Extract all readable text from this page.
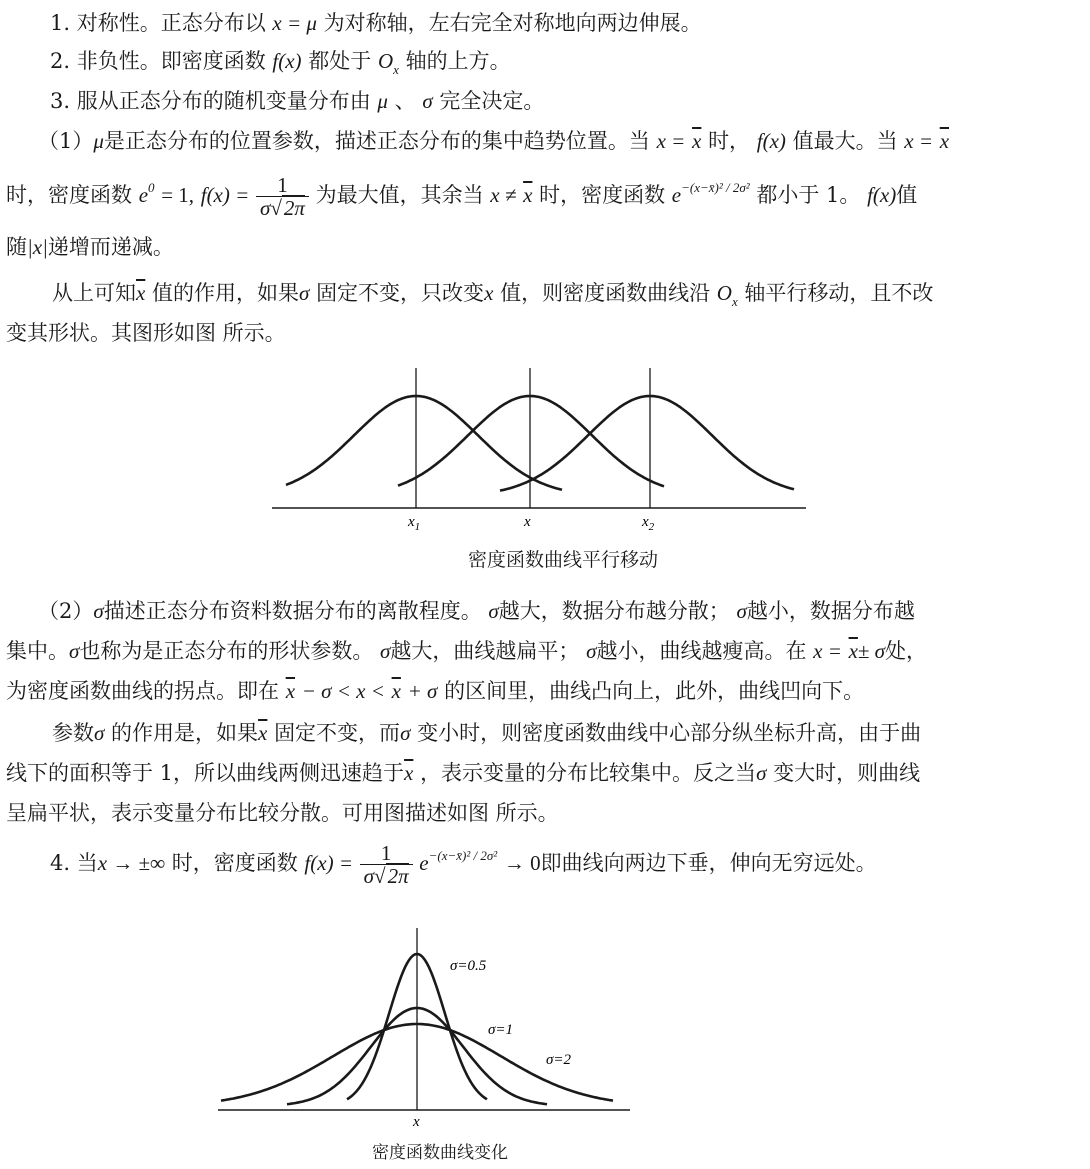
1. 对称性。正态分布以 x = μ 为对称轴，左右完全对称地向两边伸展。
2. 非负性。即密度函数 f(x) 都处于 $O_x$ 轴的上方。
3. 服从正态分布的随机变量分布由 μ 、 σ 完全决定。
（1）μ是正态分布的位置参数，描述正态分布的集中趋势位置。当 $x = \overline{x}$ 时， f(x) 值最大。当 $x = \overline{x}$
时，密度函数 $e^0 = 1$, $f(x) = \frac{1}{\sigma√2\pi}$ 为最大值，其余当 $x \ne \overline{x}$ 时，密度函数 $e^{-(x-x̄)^2 / 2\sigma^2}$ 都小于 1。 f(x)值
随|x|递增而递减。
从上可知$\overline{x}$ 值的作用，如果σ 固定不变，只改变x 值，则密度函数曲线沿 $O_x$ 轴平行移动，且不改
变其形状。其图形如图 所示。
$x_1$	x	$x_2$
密度函数曲线平行移动
（2）σ描述正态分布资料数据分布的离散程度。 σ越大，数据分布越分散； σ越小，数据分布越
集中。σ也称为是正态分布的形状参数。 σ越大，曲线越扁平； σ越小，曲线越瘦高。在 $x = \overline{x}\pm \sigma$处，
为密度函数曲线的拐点。即在 $\overline{x} - \sigma < x < \overline{x} + \sigma$ 的区间里，曲线凸向上，此外，曲线凹向下。
参数σ 的作用是，如果$\overline{x}$ 固定不变，而σ 变小时，则密度函数曲线中心部分纵坐标升高，由于曲
线下的面积等于 1，所以曲线两侧迅速趋于$\overline{x}$ ，表示变量的分布比较集中。反之当σ 变大时，则曲线
呈扁平状，表示变量分布比较分散。可用图描述如图 所示。
4. 当x → ±∞ 时，密度函数 $f(x) = \frac{1}{\sigma√2\pi} e^{-(x-x̄)^2 / 2\sigma^2} \to 0$即曲线向两边下垂，伸向无穷远处。
σ=0.5
σ=1
σ=2
x
密度函数曲线变化
